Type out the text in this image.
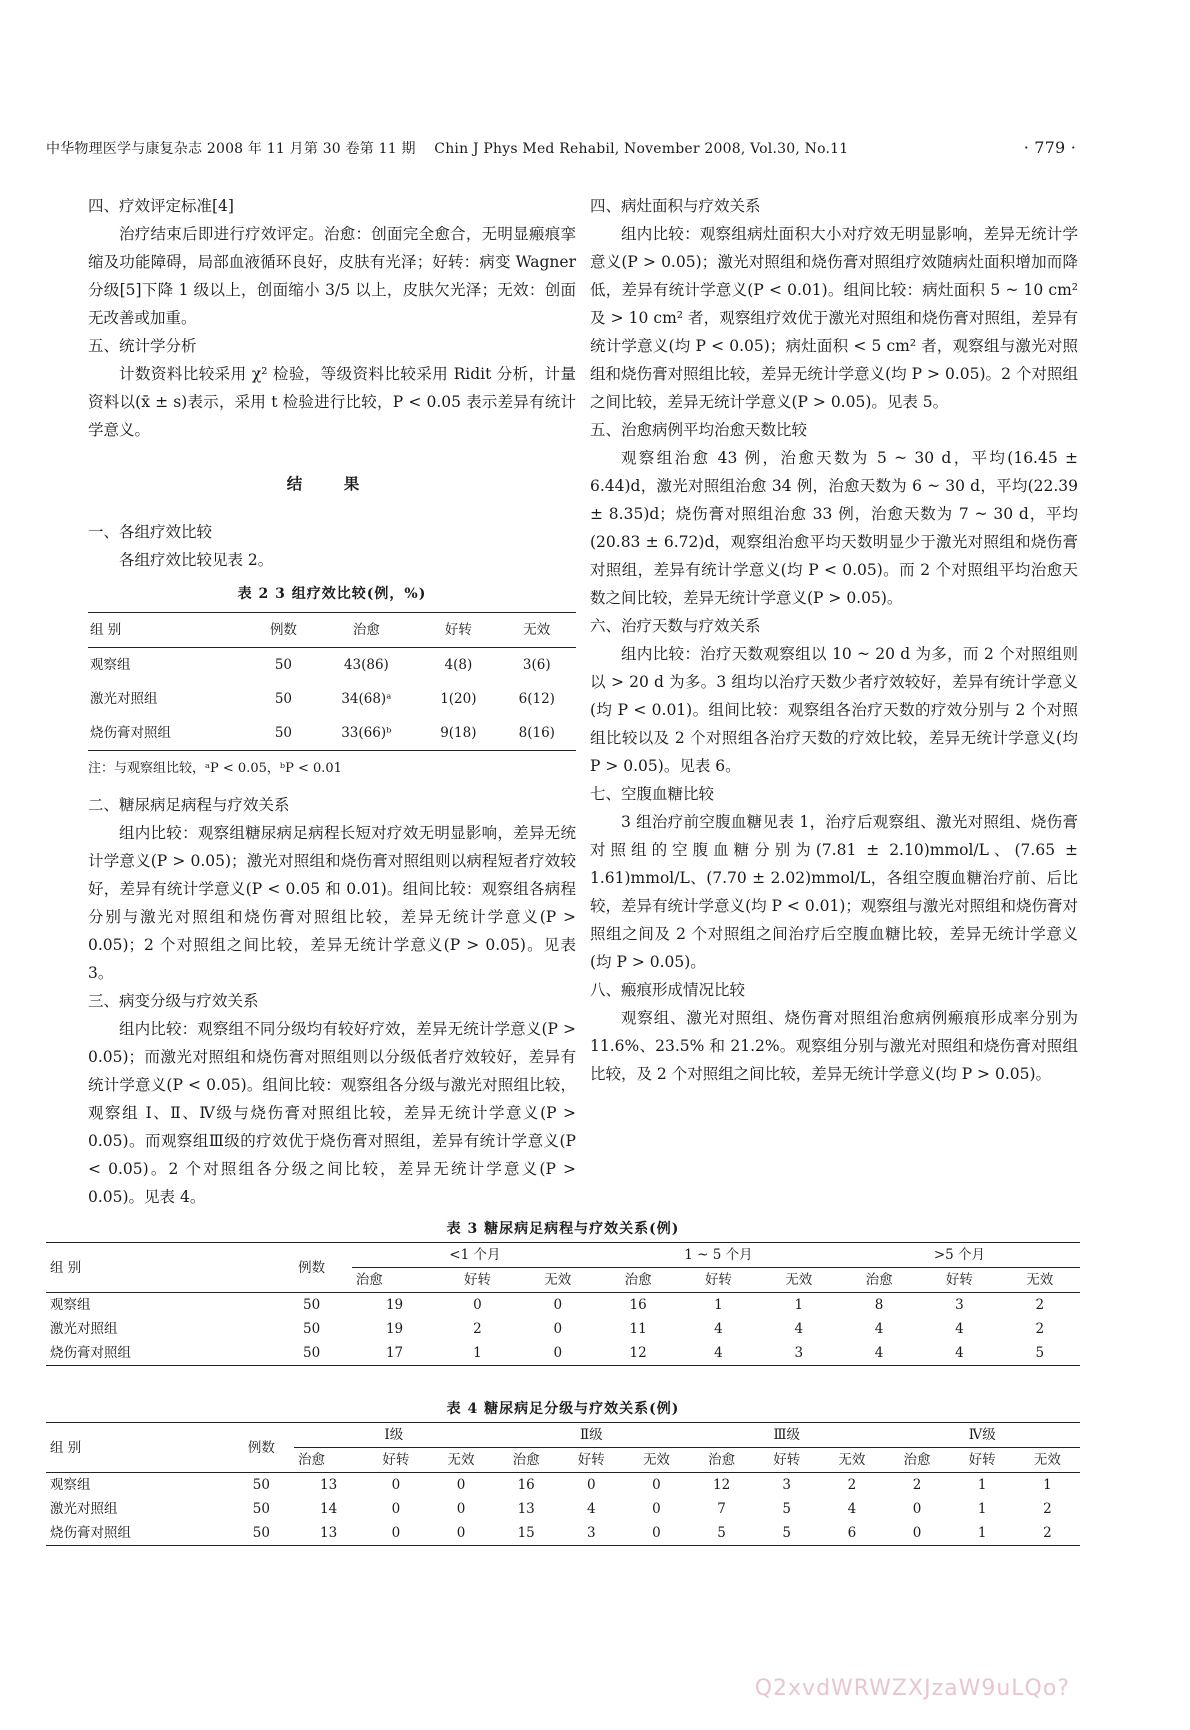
中华物理医学与康复杂志 2008 年 11 月第 30 卷第 11 期 Chin J Phys Med Rehabil, November 2008, Vol.30, No.11	· 779 ·

四、疗效评定标准[4]

治疗结束后即进行疗效评定。治愈：创面完全愈合，无明显瘢痕挛缩及功能障碍，局部血液循环良好，皮肤有光泽；好转：病变 Wagner 分级[5]下降 1 级以上，创面缩小 3/5 以上，皮肤欠光泽；无效：创面无改善或加重。

五、统计学分析

计数资料比较采用 χ² 检验，等级资料比较采用 Ridit 分析，计量资料以(x̄ ± s)表示，采用 t 检验进行比较，P < 0.05 表示差异有统计学意义。

结 果

一、各组疗效比较

各组疗效比较见表 2。

表 2 3 组疗效比较(例，%)
组 别	例数	治愈	好转	无效
观察组	50	43(86)	4(8)	3(6)
激光对照组	50	34(68)ᵃ	1(20)	6(12)
烧伤膏对照组	50	33(66)ᵇ	9(18)	8(16)
注：与观察组比较，ᵃP < 0.05，ᵇP < 0.01

二、糖尿病足病程与疗效关系

组内比较：观察组糖尿病足病程长短对疗效无明显影响，差异无统计学意义(P > 0.05)；激光对照组和烧伤膏对照组则以病程短者疗效较好，差异有统计学意义(P < 0.05 和 0.01)。组间比较：观察组各病程分别与激光对照组和烧伤膏对照组比较，差异无统计学意义(P > 0.05)；2 个对照组之间比较，差异无统计学意义(P > 0.05)。见表 3。

三、病变分级与疗效关系

组内比较：观察组不同分级均有较好疗效，差异无统计学意义(P > 0.05)；而激光对照组和烧伤膏对照组则以分级低者疗效较好，差异有统计学意义(P < 0.05)。组间比较：观察组各分级与激光对照组比较，观察组 Ⅰ、Ⅱ、Ⅳ级与烧伤膏对照组比较，差异无统计学意义(P > 0.05)。而观察组Ⅲ级的疗效优于烧伤膏对照组，差异有统计学意义(P < 0.05)。2 个对照组各分级之间比较，差异无统计学意义(P > 0.05)。见表 4。

四、病灶面积与疗效关系

组内比较：观察组病灶面积大小对疗效无明显影响，差异无统计学意义(P > 0.05)；激光对照组和烧伤膏对照组疗效随病灶面积增加而降低，差异有统计学意义(P < 0.01)。组间比较：病灶面积 5 ~ 10 cm² 及 > 10 cm² 者，观察组疗效优于激光对照组和烧伤膏对照组，差异有统计学意义(均 P < 0.05)；病灶面积 < 5 cm² 者，观察组与激光对照组和烧伤膏对照组比较，差异无统计学意义(均 P > 0.05)。2 个对照组之间比较，差异无统计学意义(P > 0.05)。见表 5。

五、治愈病例平均治愈天数比较

观察组治愈 43 例，治愈天数为 5 ~ 30 d，平均(16.45 ± 6.44)d，激光对照组治愈 34 例，治愈天数为 6 ~ 30 d，平均(22.39 ± 8.35)d；烧伤膏对照组治愈 33 例，治愈天数为 7 ~ 30 d，平均(20.83 ± 6.72)d，观察组治愈平均天数明显少于激光对照组和烧伤膏对照组，差异有统计学意义(均 P < 0.05)。而 2 个对照组平均治愈天数之间比较，差异无统计学意义(P > 0.05)。

六、治疗天数与疗效关系

组内比较：治疗天数观察组以 10 ~ 20 d 为多，而 2 个对照组则以 > 20 d 为多。3 组均以治疗天数少者疗效较好，差异有统计学意义(均 P < 0.01)。组间比较：观察组各治疗天数的疗效分别与 2 个对照组比较以及 2 个对照组各治疗天数的疗效比较，差异无统计学意义(均 P > 0.05)。见表 6。

七、空腹血糖比较

3 组治疗前空腹血糖见表 1，治疗后观察组、激光对照组、烧伤膏对照组的空腹血糖分别为(7.81 ± 2.10)mmol/L、(7.65 ± 1.61)mmol/L、(7.70 ± 2.02)mmol/L，各组空腹血糖治疗前、后比较，差异有统计学意义(均 P < 0.01)；观察组与激光对照组和烧伤膏对照组之间及 2 个对照组之间治疗后空腹血糖比较，差异无统计学意义(均 P > 0.05)。

八、瘢痕形成情况比较

观察组、激光对照组、烧伤膏对照组治愈病例瘢痕形成率分别为 11.6%、23.5% 和 21.2%。观察组分别与激光对照组和烧伤膏对照组比较，及 2 个对照组之间比较，差异无统计学意义(均 P > 0.05)。

表 3 糖尿病足病程与疗效关系(例)
组 别	例数	<1 个月			1 ~ 5 个月			>5 个月		
		治愈	好转	无效	治愈	好转	无效	治愈	好转	无效
观察组	50	19	0	0	16	1	1	8	3	2
激光对照组	50	19	2	0	11	4	4	4	4	2
烧伤膏对照组	50	17	1	0	12	4	3	4	4	5
表 4 糖尿病足分级与疗效关系(例)
组 别	例数	Ⅰ级			Ⅱ级			Ⅲ级			Ⅳ级		
		治愈	好转	无效	治愈	好转	无效	治愈	好转	无效	治愈	好转	无效
观察组	50	13	0	0	16	0	0	12	3	2	2	1	1
激光对照组	50	14	0	0	13	4	0	7	5	4	0	1	2
烧伤膏对照组	50	13	0	0	15	3	0	5	5	6	0	1	2
Q2xvdWRWZXJzaW9uLQo?
